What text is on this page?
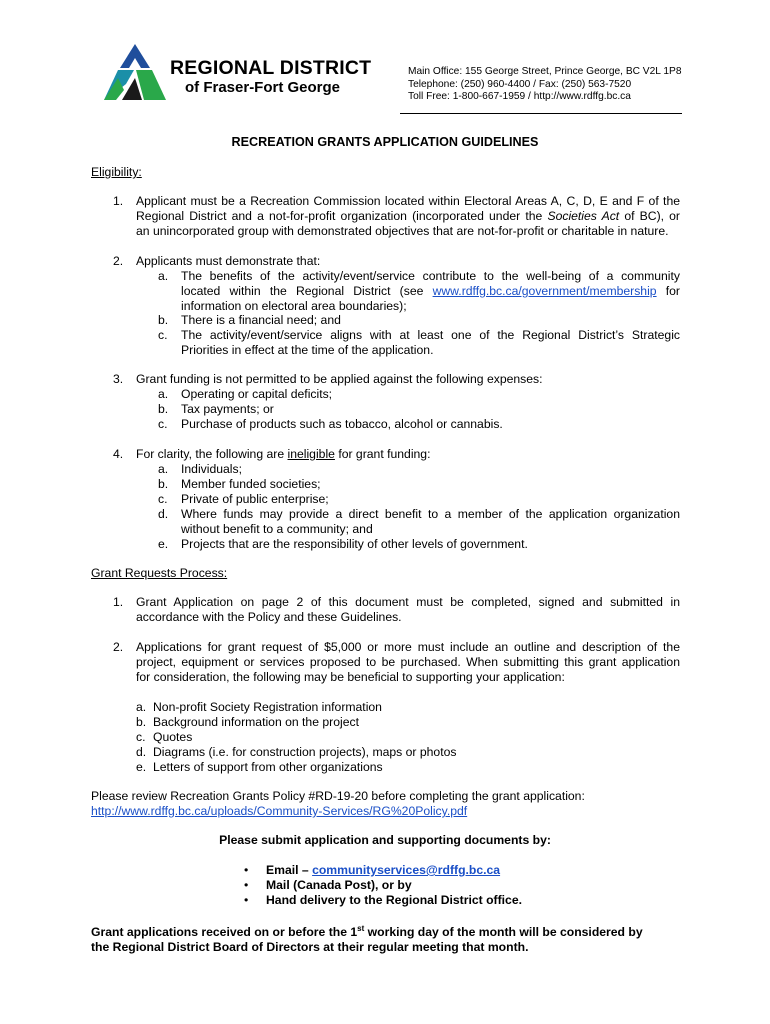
REGIONAL DISTRICT
of Fraser-Fort George
Main Office: 155 George Street, Prince George, BC V2L 1P8
Telephone: (250) 960-4400 / Fax: (250) 563-7520
Toll Free: 1-800-667-1959 / http://www.rdffg.bc.ca
RECREATION GRANTS APPLICATION GUIDELINES
Eligibility:
1. Applicant must be a Recreation Commission located within Electoral Areas A, C, D, E and F of the
Regional District and a not-for-profit organization (incorporated under the Societies Act of BC), or
an unincorporated group with demonstrated objectives that are not-for-profit or charitable in nature.
2. Applicants must demonstrate that:
a. The benefits of the activity/event/service contribute to the well-being of a community
located within the Regional District (see www.rdffg.bc.ca/government/membership for
information on electoral area boundaries);
b. There is a financial need; and
c. The activity/event/service aligns with at least one of the Regional District’s Strategic
Priorities in effect at the time of the application.
3. Grant funding is not permitted to be applied against the following expenses:
a. Operating or capital deficits;
b. Tax payments; or
c. Purchase of products such as tobacco, alcohol or cannabis.
4. For clarity, the following are ineligible for grant funding:
a. Individuals;
b. Member funded societies;
c. Private of public enterprise;
d. Where funds may provide a direct benefit to a member of the application organization
without benefit to a community; and
e. Projects that are the responsibility of other levels of government.
Grant Requests Process:
1. Grant Application on page 2 of this document must be completed, signed and submitted in
accordance with the Policy and these Guidelines.
2. Applications for grant request of $5,000 or more must include an outline and description of the
project, equipment or services proposed to be purchased. When submitting this grant application
for consideration, the following may be beneficial to supporting your application:
a. Non-profit Society Registration information
b. Background information on the project
c. Quotes
d. Diagrams (i.e. for construction projects), maps or photos
e. Letters of support from other organizations
Please review Recreation Grants Policy #RD-19-20 before completing the grant application:
http://www.rdffg.bc.ca/uploads/Community-Services/RG%20Policy.pdf
Please submit application and supporting documents by:
• Email – communityservices@rdffg.bc.ca
• Mail (Canada Post), or by
• Hand delivery to the Regional District office.
Grant applications received on or before the 1st working day of the month will be considered by
the Regional District Board of Directors at their regular meeting that month.
